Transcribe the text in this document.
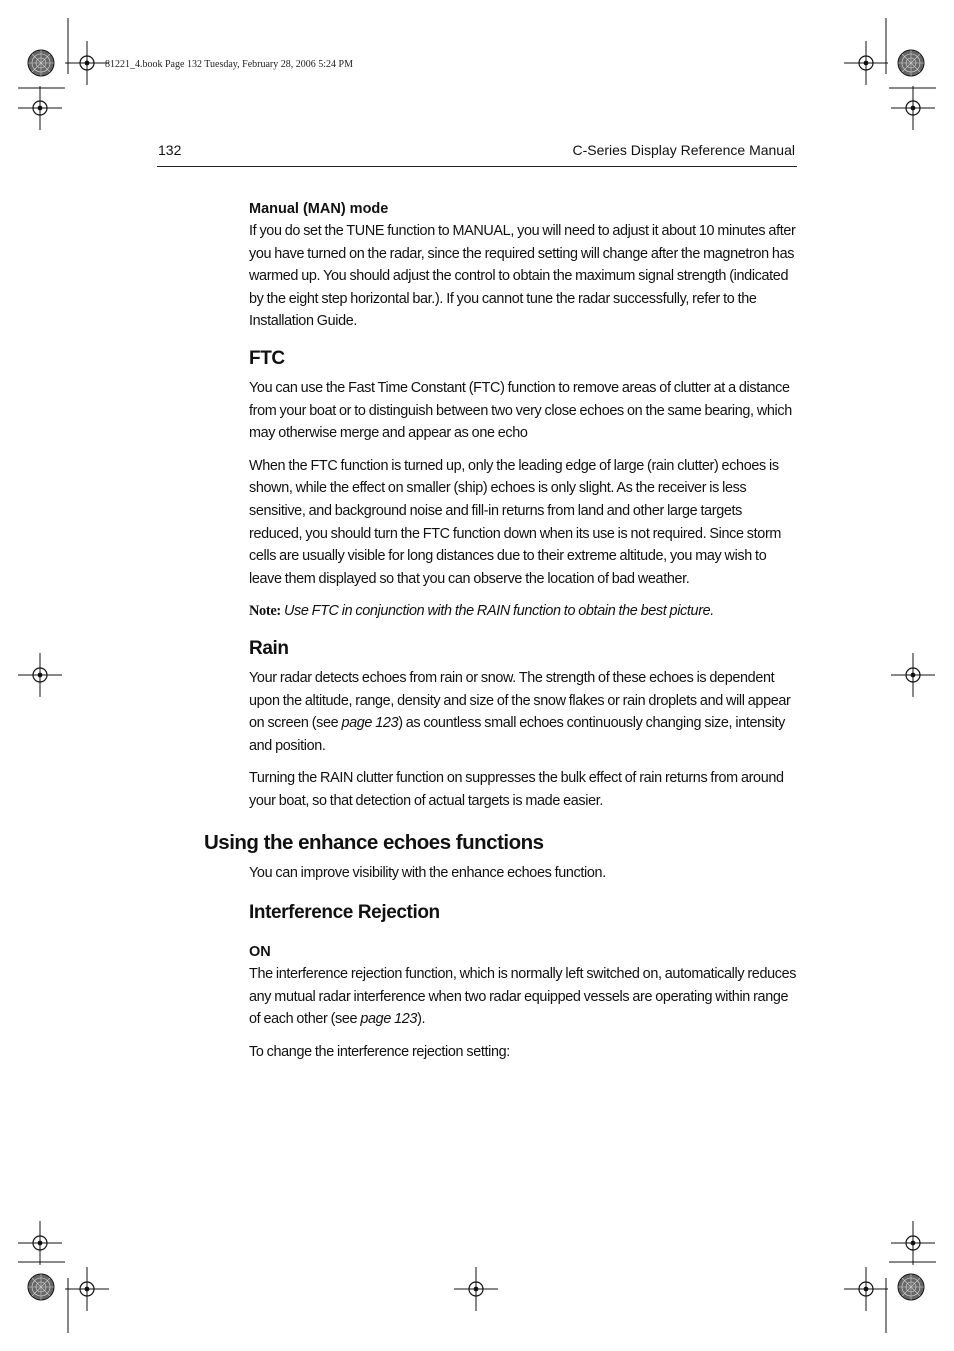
81221_4.book Page 132 Tuesday, February 28, 2006 5:24 PM
132	C-Series Display Reference Manual
Manual (MAN) mode

If you do set the TUNE function to MANUAL, you will need to adjust it about 10 minutes after you have turned on the radar, since the required setting will change after the magnetron has warmed up. You should adjust the control to obtain the maximum signal strength (indicated by the eight step horizontal bar.). If you cannot tune the radar successfully, refer to the Installation Guide.

FTC

You can use the Fast Time Constant (FTC) function to remove areas of clutter at a distance from your boat or to distinguish between two very close echoes on the same bearing, which may otherwise merge and appear as one echo

When the FTC function is turned up, only the leading edge of large (rain clutter) echoes is shown, while the effect on smaller (ship) echoes is only slight. As the receiver is less sensitive, and background noise and fill-in returns from land and other large targets reduced, you should turn the FTC function down when its use is not required. Since storm cells are usually visible for long distances due to their extreme altitude, you may wish to leave them displayed so that you can observe the location of bad weather.

Note: Use FTC in conjunction with the RAIN function to obtain the best picture.

Rain

Your radar detects echoes from rain or snow. The strength of these echoes is dependent upon the altitude, range, density and size of the snow flakes or rain droplets and will appear on screen (see page 123) as countless small echoes continuously changing size, intensity and position.

Turning the RAIN clutter function on suppresses the bulk effect of rain returns from around your boat, so that detection of actual targets is made easier.

Using the enhance echoes functions

You can improve visibility with the enhance echoes function.

Interference Rejection
ON

The interference rejection function, which is normally left switched on, automatically reduces any mutual radar interference when two radar equipped vessels are operating within range of each other (see page 123).

To change the interference rejection setting:
